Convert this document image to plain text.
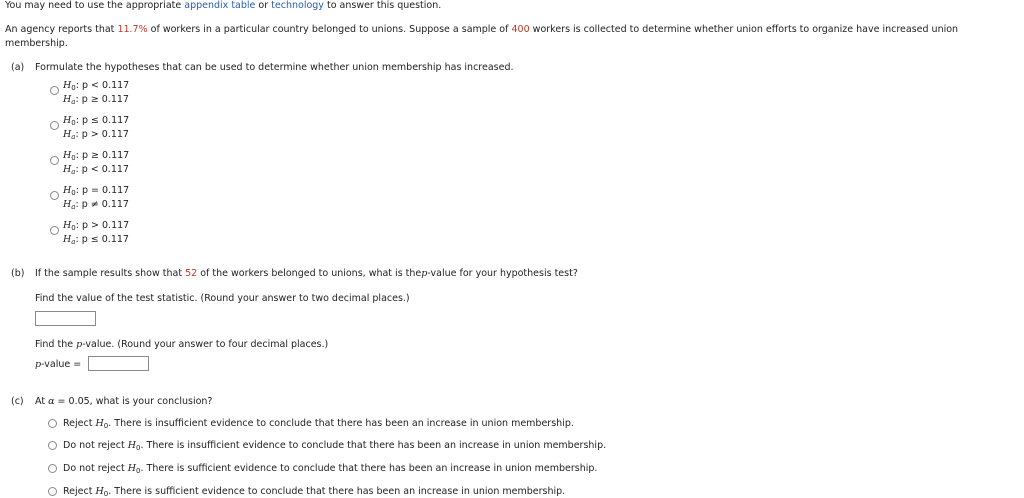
You may need to use the appropriate appendix table or technology to answer this question.
An agency reports that 11.7% of workers in a particular country belonged to unions. Suppose a sample of 400 workers is collected to determine whether union efforts to organize have increased union
membership.
(a) Formulate the hypotheses that can be used to determine whether union membership has increased.
$H_0$: p < 0.117
$H_a$: p ≥ 0.117
$H_0$: p ≤ 0.117
$H_a$: p > 0.117
$H_0$: p ≥ 0.117
$H_a$: p < 0.117
$H_0$: p = 0.117
$H_a$: p ≠ 0.117
$H_0$: p > 0.117
$H_a$: p ≤ 0.117
(b) If the sample results show that 52 of the workers belonged to unions, what is thep-value for your hypothesis test?
Find the value of the test statistic. (Round your answer to two decimal places.)
Find the p-value. (Round your answer to four decimal places.)
p-value =
(c) At α = 0.05, what is your conclusion?
Reject $H_0$. There is insufficient evidence to conclude that there has been an increase in union membership.
Do not reject $H_0$. There is insufficient evidence to conclude that there has been an increase in union membership.
Do not reject $H_0$. There is sufficient evidence to conclude that there has been an increase in union membership.
Reject $H_0$. There is sufficient evidence to conclude that there has been an increase in union membership.
